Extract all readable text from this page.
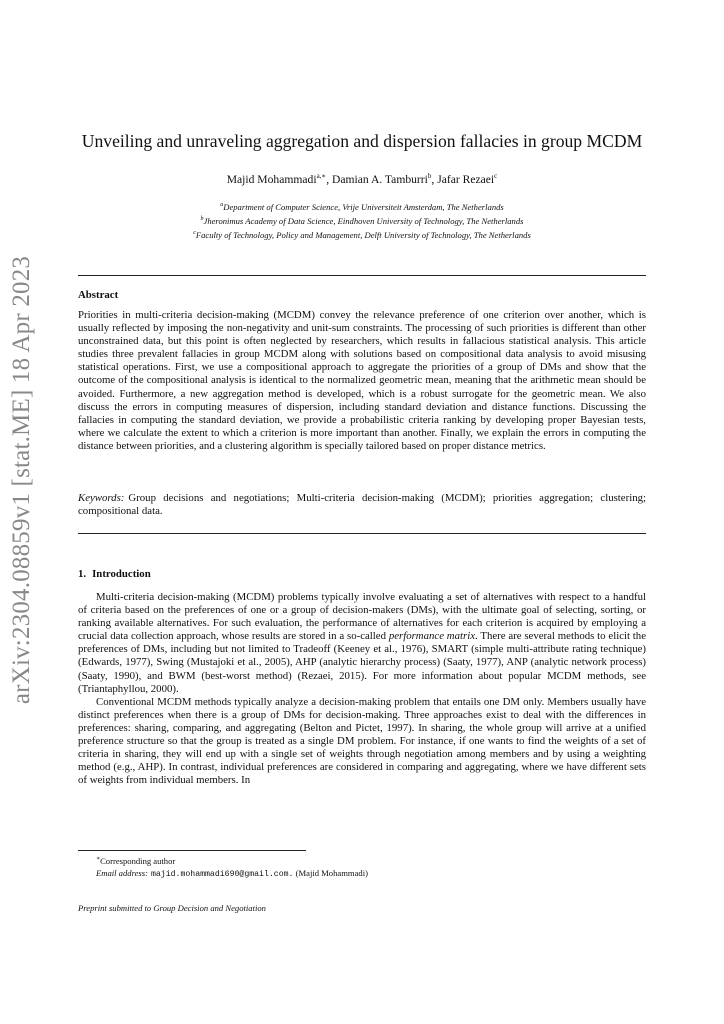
arXiv:2304.08859v1 [stat.ME] 18 Apr 2023
Unveiling and unraveling aggregation and dispersion fallacies in group MCDM
Majid Mohammadi$^{a,∗}$, Damian A. Tamburri$^b$, Jafar Rezaei$^c$
$^a$Department of Computer Science, Vrije Universiteit Amsterdam, The Netherlands
$^b$Jheronimus Academy of Data Science, Eindhoven University of Technology, The Netherlands
$^c$Faculty of Technology, Policy and Management, Delft University of Technology, The Netherlands
Abstract

Priorities in multi-criteria decision-making (MCDM) convey the relevance preference of one criterion over another, which is usually reflected by imposing the non-negativity and unit-sum constraints. The processing of such priorities is different than other unconstrained data, but this point is often neglected by researchers, which results in fallacious statistical analysis. This article studies three prevalent fallacies in group MCDM along with solutions based on compositional data analysis to avoid misusing statistical operations. First, we use a compositional approach to aggregate the priorities of a group of DMs and show that the outcome of the compositional analysis is identical to the normalized geometric mean, meaning that the arithmetic mean should be avoided. Furthermore, a new aggregation method is developed, which is a robust surrogate for the geometric mean. We also discuss the errors in computing measures of dispersion, including standard deviation and distance functions. Discussing the fallacies in computing the standard deviation, we provide a probabilistic criteria ranking by developing proper Bayesian tests, where we calculate the extent to which a criterion is more important than another. Finally, we explain the errors in computing the distance between priorities, and a clustering algorithm is specially tailored based on proper distance metrics.

Keywords: Group decisions and negotiations; Multi-criteria decision-making (MCDM); priorities aggregation; clustering; compositional data.

1. Introduction

Multi-criteria decision-making (MCDM) problems typically involve evaluating a set of alternatives with respect to a handful of criteria based on the preferences of one or a group of decision-makers (DMs), with the ultimate goal of selecting, sorting, or ranking available alternatives. For such evaluation, the performance of alternatives for each criterion is acquired by employing a crucial data collection approach, whose results are stored in a so-called performance matrix. There are several methods to elicit the preferences of DMs, including but not limited to Tradeoff (Keeney et al., 1976), SMART (simple multi-attribute rating technique) (Edwards, 1977), Swing (Mustajoki et al., 2005), AHP (analytic hierarchy process) (Saaty, 1977), ANP (analytic network process) (Saaty, 1990), and BWM (best-worst method) (Rezaei, 2015). For more information about popular MCDM methods, see (Triantaphyllou, 2000).

Conventional MCDM methods typically analyze a decision-making problem that entails one DM only. Members usually have distinct preferences when there is a group of DMs for decision-making. Three approaches exist to deal with the differences in preferences: sharing, comparing, and aggregating (Belton and Pictet, 1997). In sharing, the whole group will arrive at a unified preference structure so that the group is treated as a single DM problem. For instance, if one wants to find the weights of a set of criteria in sharing, they will end up with a single set of weights through negotiation among members and by using a weighting method (e.g., AHP). In contrast, individual preferences are considered in comparing and aggregating, where we have different sets of weights from individual members. In

∗Corresponding author
Email address: majid.mohammadi690@gmail.com. (Majid Mohammadi)
Preprint submitted to Group Decision and Negotiation
